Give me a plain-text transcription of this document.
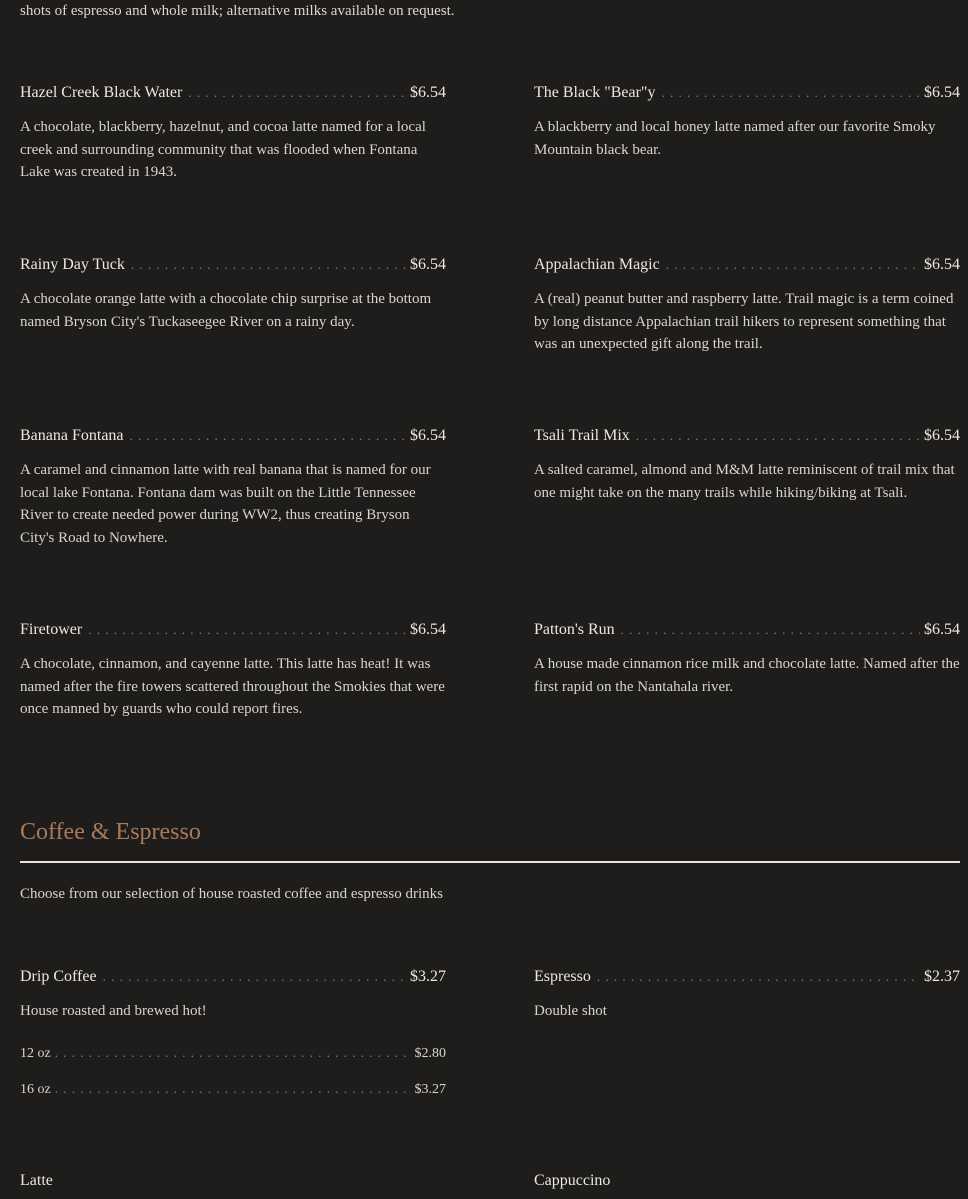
shots of espresso and whole milk; alternative milks available on request.
Hazel Creek Black Water . . .	$6.54
A chocolate, blackberry, hazelnut, and cocoa latte named for a local creek and surrounding community that was flooded when Fontana Lake was created in 1943.
The Black "Bear"y . . .	$6.54
A blackberry and local honey latte named after our favorite Smoky Mountain black bear.
Rainy Day Tuck . . .	$6.54
A chocolate orange latte with a chocolate chip surprise at the bottom named Bryson City's Tuckaseegee River on a rainy day.
Appalachian Magic . . .	$6.54
A (real) peanut butter and raspberry latte. Trail magic is a term coined by long distance Appalachian trail hikers to represent something that was an unexpected gift along the trail.
Banana Fontana . . .	$6.54
A caramel and cinnamon latte with real banana that is named for our local lake Fontana. Fontana dam was built on the Little Tennessee River to create needed power during WW2, thus creating Bryson City's Road to Nowhere.
Tsali Trail Mix . . .	$6.54
A salted caramel, almond and M&M latte reminiscent of trail mix that one might take on the many trails while hiking/biking at Tsali.
Firetower . . .	$6.54
A chocolate, cinnamon, and cayenne latte. This latte has heat! It was named after the fire towers scattered throughout the Smokies that were once manned by guards who could report fires.
Patton's Run . . .	$6.54
A house made cinnamon rice milk and chocolate latte. Named after the first rapid on the Nantahala river.
Coffee & Espresso
Choose from our selection of house roasted coffee and espresso drinks
Drip Coffee . . .	$3.27
House roasted and brewed hot!
12 oz . . .	$2.80
16 oz . . .	$3.27
Espresso . . .	$2.37
Double shot
Latte	Cappuccino
